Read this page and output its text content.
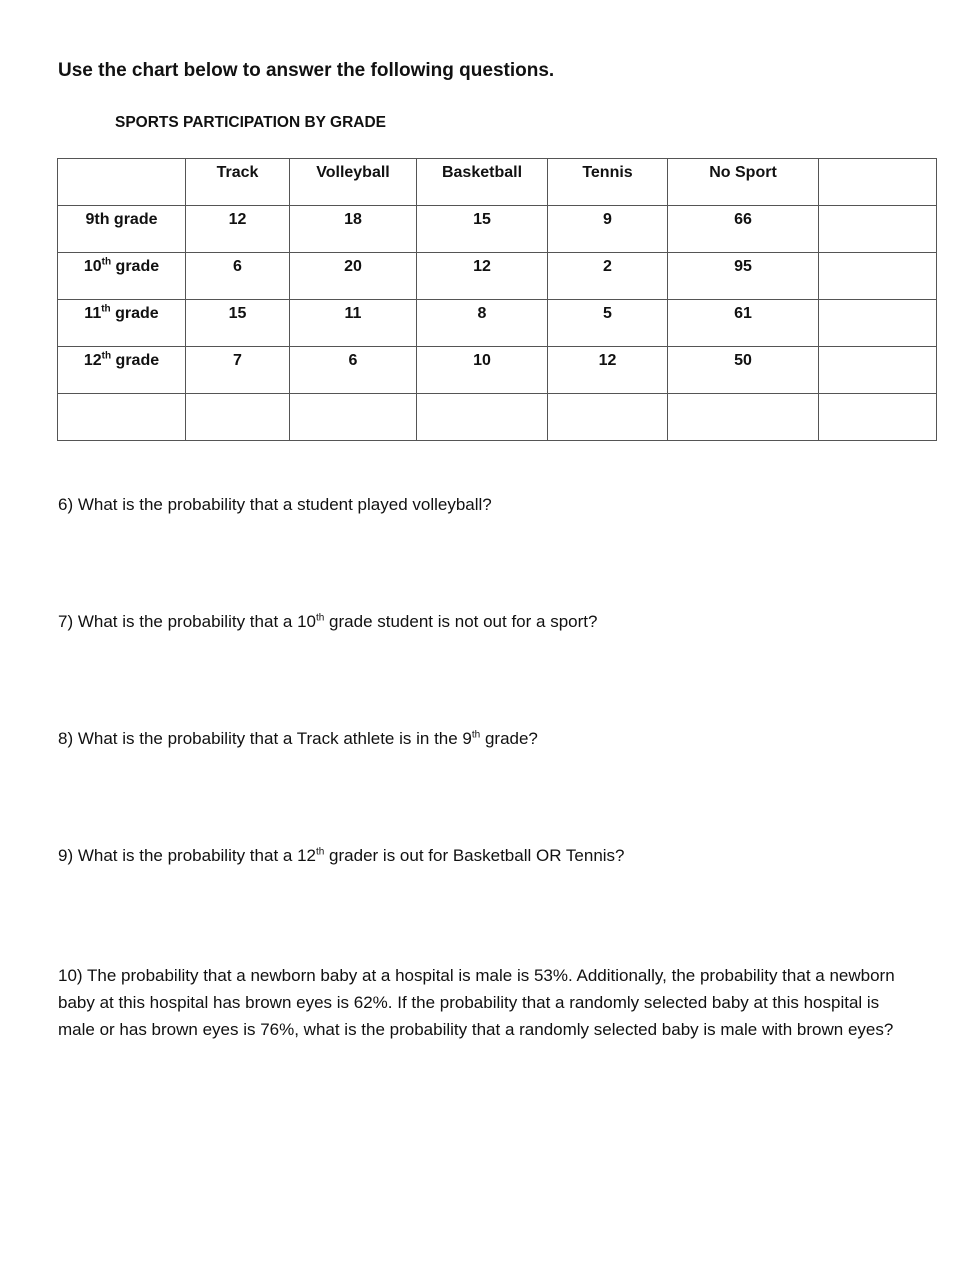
Use the chart below to answer the following questions.

SPORTS PARTICIPATION BY GRADE

	Track	Volleyball	Basketball	Tennis	No Sport	

9th grade	12	18	15	9	66	

10th grade	6	20	12	2	95	

11th grade	15	11	8	5	61	

12th grade	7	6	10	12	50	

6) What is the probability that a student played volleyball?

7) What is the probability that a 10th grade student is not out for a sport?

8) What is the probability that a Track athlete is in the 9th grade?

9) What is the probability that a 12th grader is out for Basketball OR Tennis?

10) The probability that a newborn baby at a hospital is male is 53%. Additionally, the probability that a newborn baby at this hospital has brown eyes is 62%. If the probability that a randomly selected baby at this hospital is male or has brown eyes is 76%, what is the probability that a randomly selected baby is male with brown eyes?
